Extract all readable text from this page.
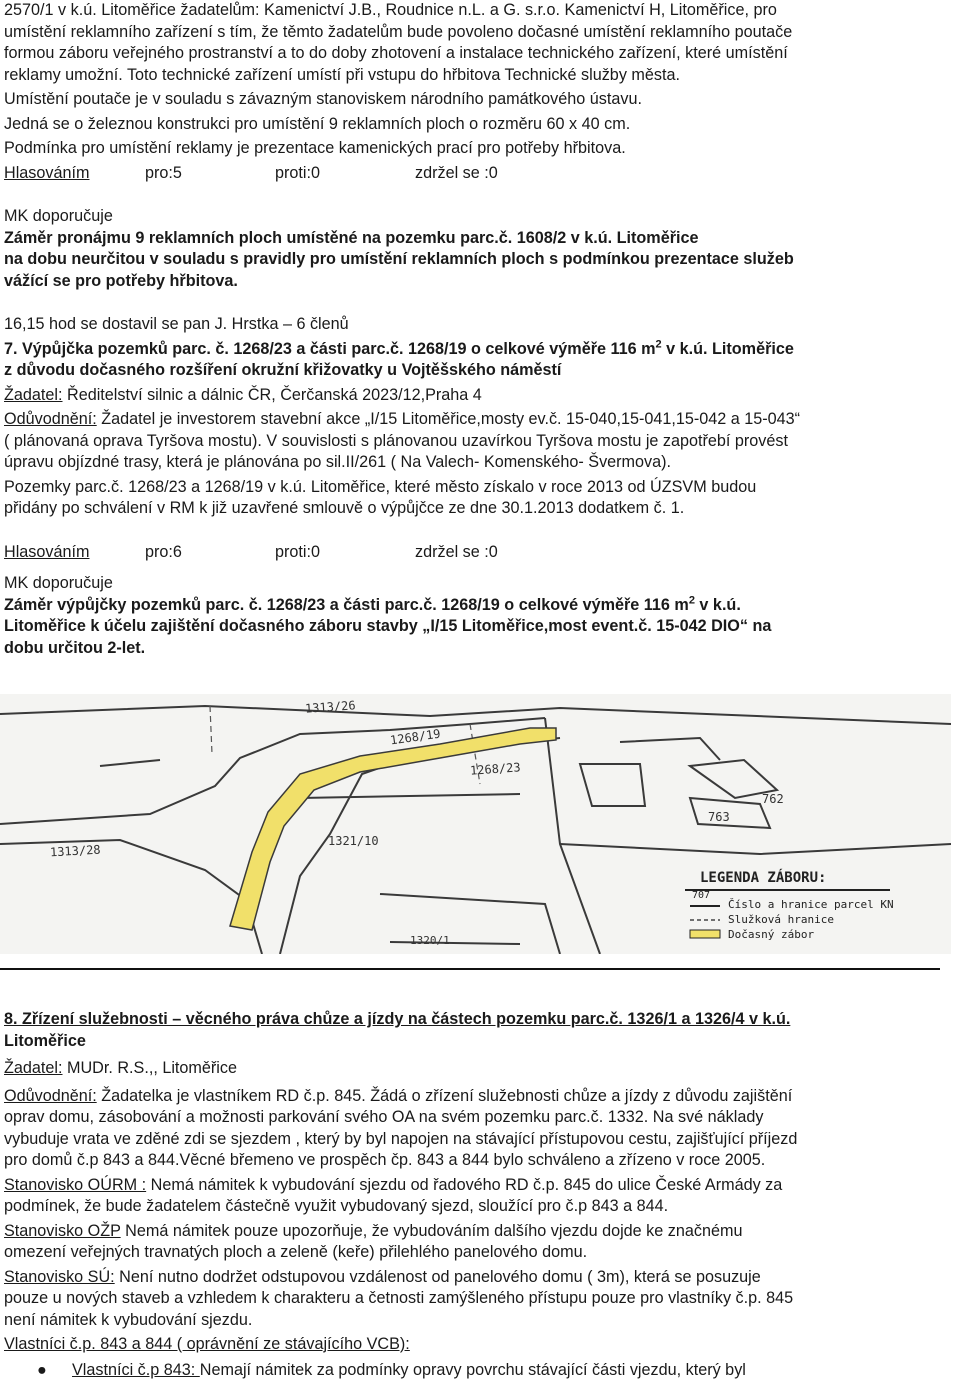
2570/1 v k.ú. Litoměřice žadatelům: Kamenictví J.B., Roudnice n.L. a G. s.r.o. Kamenictví H, Litoměřice, pro

umístění reklamního zařízení s tím, že těmto žadatelům bude povoleno dočasné umístění reklamního poutače

formou záboru veřejného prostranství a to do doby zhotovení a instalace technického zařízení, které umístění

reklamy umožní. Toto technické zařízení umístí při vstupu do hřbitova Technické služby města.

Umístění poutače je v souladu s závazným stanoviskem národního památkového ústavu.

Jedná se o železnou konstrukci pro umístění 9 reklamních ploch o rozměru 60 x 40 cm.

Podmínka pro umístění reklamy je prezentace kamenických prací pro potřeby hřbitova.

Hlasováním	pro:5	proti:0	zdržel se :0

MK doporučuje

Záměr pronájmu 9 reklamních ploch umístěné na pozemku parc.č. 1608/2 v k.ú. Litoměřice

na dobu neurčitou v souladu s pravidly pro umístění reklamních ploch s podmínkou prezentace služeb

vážící se pro potřeby hřbitova.

16,15 hod se dostavil se pan J. Hrstka – 6 členů

7. Výpůjčka pozemků parc. č. 1268/23 a části parc.č. 1268/19 o celkové výměře 116 $m^2$ v k.ú. Litoměřice

z důvodu dočasného rozšíření okružní křižovatky u Vojtěšského náměstí

Žadatel: Ředitelství silnic a dálnic ČR, Čerčanská 2023/12,Praha 4

Odůvodnění: Žadatel je investorem stavební akce „I/15 Litoměřice,mosty ev.č. 15-040,15-041,15-042 a 15-043“

( plánovaná oprava Tyršova mostu). V souvislosti s plánovanou uzavírkou Tyršova mostu je zapotřebí provést

úpravu objízdné trasy, která je plánována po sil.II/261 ( Na Valech- Komenského- Švermova).

Pozemky parc.č. 1268/23 a 1268/19 v k.ú. Litoměřice, které město získalo v roce 2013 od ÚZSVM budou

přidány po schválení v RM k již uzavřené smlouvě o výpůjčce ze dne 30.1.2013 dodatkem č. 1.

Hlasováním	pro:6	proti:0	zdržel se :0

MK doporučuje

Záměr výpůjčky pozemků parc. č. 1268/23 a části parc.č. 1268/19 o celkové výměře 116 $m^2$ v k.ú.

Litoměřice k účelu zajištění dočasného záboru stavby „I/15 Litoměřice,most event.č. 15-042 DIO“ na

dobu určitou 2-let.

1313/26
1268/19
1268/23
1321/10
1313/28
762
763
1320/1
LEGENDA ZÁBORU:
707
Číslo a hranice parcel KN
Služková hranice
Dočasný zábor

8. Zřízení služebnosti – věcného práva chůze a jízdy na částech pozemku parc.č. 1326/1 a 1326/4 v k.ú.

Litoměřice

Žadatel: MUDr. R.S.,, Litoměřice

Odůvodnění: Žadatelka je vlastníkem RD č.p. 845. Žádá o zřízení služebnosti chůze a jízdy z důvodu zajištění

oprav domu, zásobování a možnosti parkování svého OA na svém pozemku parc.č. 1332. Na své náklady

vybuduje vrata ve zděné zdi se sjezdem , který by byl napojen na stávající přístupovou cestu, zajišťující příjezd

pro domů č.p 843 a 844.Věcné břemeno ve prospěch čp. 843 a 844 bylo schváleno a zřízeno v roce 2005.

Stanovisko OÚRM : Nemá námitek k vybudování sjezdu od řadového RD č.p. 845 do ulice České Armády za

podmínek, že bude žadatelem částečně využit vybudovaný sjezd, sloužící pro č.p 843 a 844.

Stanovisko OŽP Nemá námitek pouze upozorňuje, že vybudováním dalšího vjezdu dojde ke značnému

omezení veřejných travnatých ploch a zeleně (keře) přilehlého panelového domu.

Stanovisko SÚ: Není nutno dodržet odstupovou vzdálenost od panelového domu ( 3m), která se posuzuje

pouze u nových staveb a vzhledem k charakteru a četnosti zamýšleného přístupu pouze pro vlastníky č.p. 845

není námitek k vybudování sjezdu.

Vlastníci č.p. 843 a 844 ( oprávnění ze stávajícího VCB):

●	Vlastníci č.p 843: Nemají námitek za podmínky opravy povrchu stávající části vjezdu, který byl
